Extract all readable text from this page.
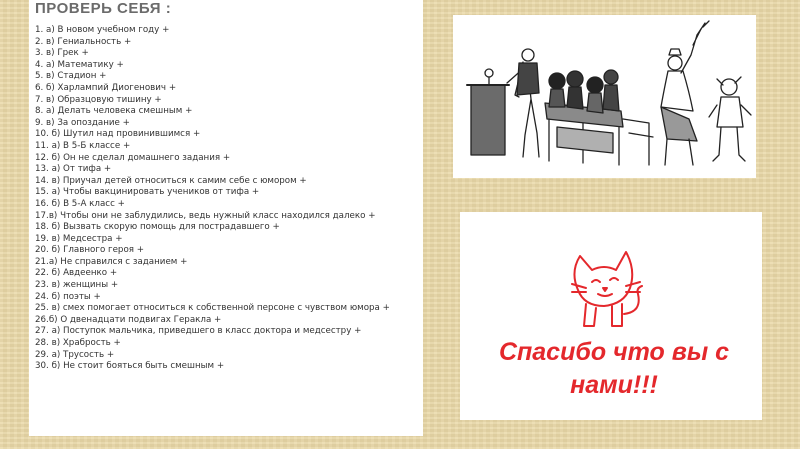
ПРОВЕРЬ СЕБЯ :
1. а) В новом учебном году +
2. в) Гениальность +
3. в) Грек +
4. а) Математику +
5. в) Стадион +
6. б) Харлампий Диогенович +
7. в) Образцовую тишину +
8. а) Делать человека смешным +
9. в) За опоздание +
10. б) Шутил над провинившимся +
11. а) В 5-Б классе +
12. б) Он не сделал домашнего задания +
13. а) От тифа +
14. в) Приучал детей относиться к самим себе с юмором +
15. а) Чтобы вакцинировать учеников от тифа +
16. б) В 5-А класс +
17.в) Чтобы они не заблудились, ведь нужный класс находился далеко +
18. б) Вызвать скорую помощь для пострадавшего +
19. в) Медсестра +
20. б) Главного героя +
21.а) Не справился с заданием +
22. б) Авдеенко +
23. в) женщины +
24. б) поэты +
25. в) смех помогает относиться к собственной персоне с чувством юмора +
26.б) О двенадцати подвигах Геракла +
27. а) Поступок мальчика, приведшего в класс доктора и медсестру +
28. в) Храбрость +
29. а) Трусость +
30. б) Не стоит бояться быть смешным +

Спасибо что вы с нами!!!
